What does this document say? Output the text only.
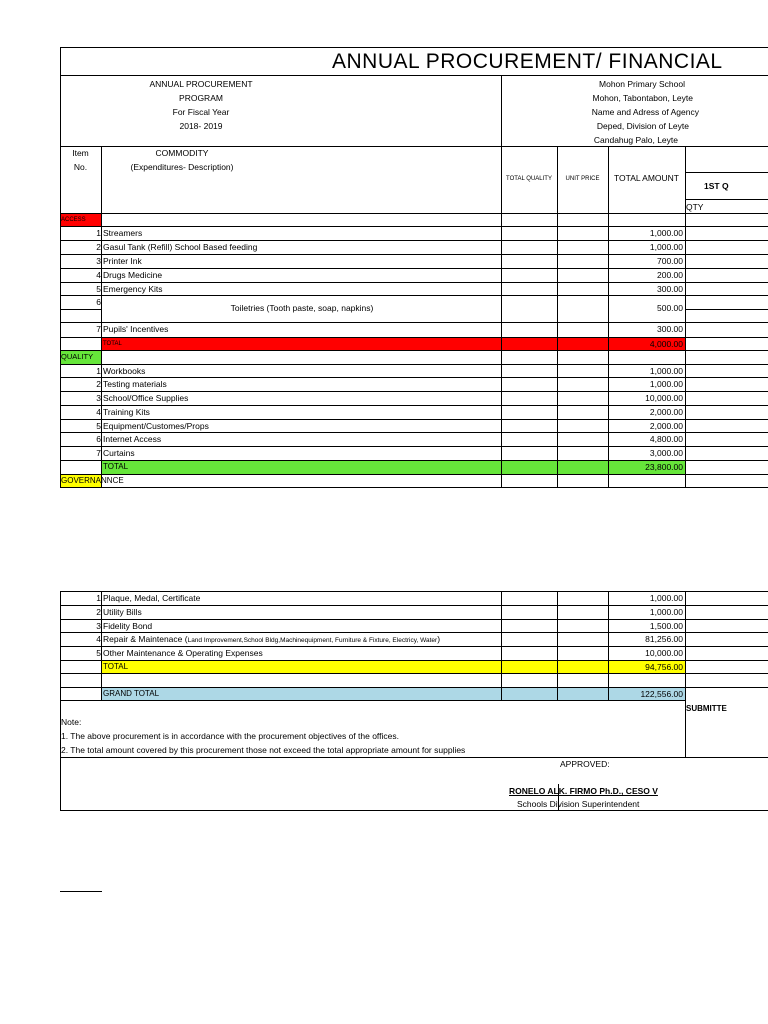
ANNUAL PROCUREMENT/ FINANCIAL
ANNUAL PROCUREMENT
PROGRAM
For Fiscal Year
2018- 2019
Mohon Primary School
Mohon, Tabontabon, Leyte
Name and Adress of Agency
Deped, Division of Leyte
Candahug Palo, Leyte
Item
No.
COMMODITY
(Expenditures- Description)
TOTAL QUALITY	UNIT PRICE	TOTAL AMOUNT
1ST Q
QTY
ACCESS
1 Streamers	1,000.00
2 Gasul Tank (Refill) School Based feeding	1,000.00
3 Printer Ink	700.00
4 Drugs Medicine	200.00
5 Emergency Kits	300.00
6
Toiletries (Tooth paste, soap, napkins)	500.00
7 Pupils' Incentives	300.00
TOTAL	4,000.00
QUALITY
1 Workbooks	1,000.00
2 Testing materials	1,000.00
3 School/Office Supplies	10,000.00
4 Training Kits	2,000.00
5 Equipment/Customes/Props	2,000.00
6 Internet Access	4,800.00
7 Curtains	3,000.00
TOTAL	23,800.00
GOVERNANNCE
1 Plaque, Medal, Certificate	1,000.00
2 Utility Bills	1,000.00
3 Fidelity Bond	1,500.00
4 Repair & Maintenace (Land Improvement,School Bldg,Machinequipment, Furniture & Fixture, Electricy, Water)	81,256.00
5 Other Maintenance & Operating Expenses	10,000.00
TOTAL	94,756.00
GRAND TOTAL	122,556.00
SUBMITTE
Note:
1. The above procurement is in accordance with the procurement objectives of the offices.
2. The total amount covered by this procurement those not exceed the total appropriate amount for supplies
APPROVED:
RONELO ALK. FIRMO Ph.D., CESO V
Schools Division Superintendent
